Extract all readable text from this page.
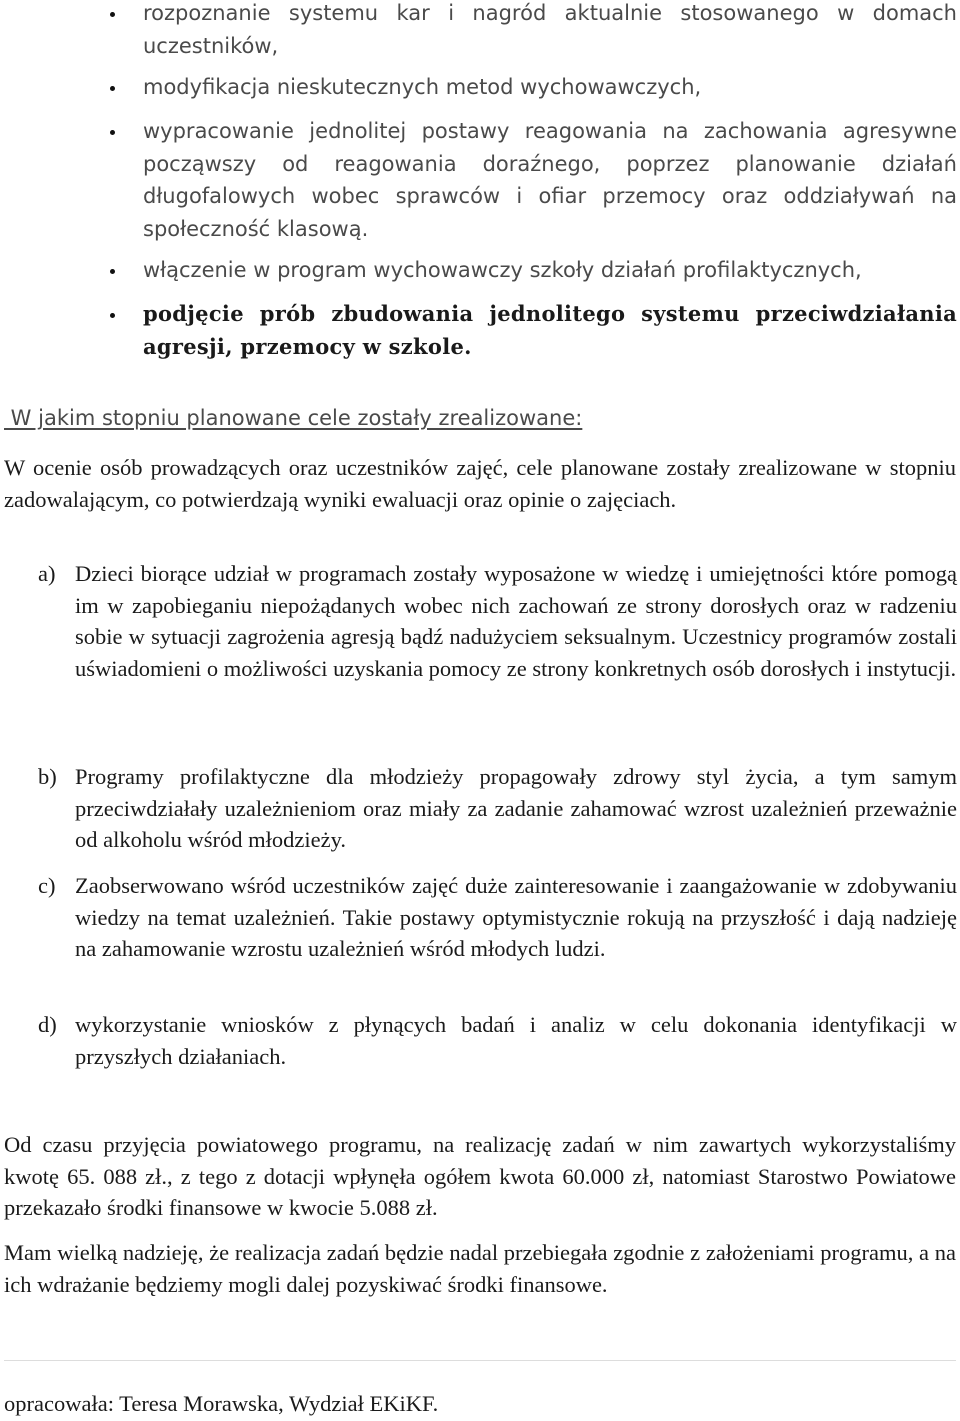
rozpoznanie systemu kar i nagród aktualnie stosowanego w domach uczestników,

modyfikacja nieskutecznych metod wychowawczych,

wypracowanie jednolitej postawy reagowania na zachowania agresywne począwszy od reagowania doraźnego, poprzez planowanie działań długofalowych wobec sprawców i ofiar przemocy oraz oddziaływań na społeczność klasową.

włączenie w program wychowawczy szkoły działań profilaktycznych,

podjęcie prób zbudowania jednolitego systemu przeciwdziałania agresji, przemocy w szkole.

W jakim stopniu planowane cele zostały zrealizowane:

W ocenie osób prowadzących oraz uczestników zajęć, cele planowane zostały zrealizowane w stopniu zadowalającym, co potwierdzają wyniki ewaluacji oraz opinie o zajęciach.

a) Dzieci biorące udział w programach zostały wyposażone w wiedzę i umiejętności które pomogą im w zapobieganiu niepożądanych wobec nich zachowań ze strony dorosłych oraz w radzeniu sobie w sytuacji zagrożenia agresją bądź nadużyciem seksualnym. Uczestnicy programów zostali uświadomieni o możliwości uzyskania pomocy ze strony konkretnych osób dorosłych i instytucji.

b) Programy profilaktyczne dla młodzieży propagowały zdrowy styl życia, a tym samym przeciwdziałały uzależnieniom oraz miały za zadanie zahamować wzrost uzależnień przeważnie od alkoholu wśród młodzieży.

c) Zaobserwowano wśród uczestników zajęć duże zainteresowanie i zaangażowanie w zdobywaniu wiedzy na temat uzależnień. Takie postawy optymistycznie rokują na przyszłość i dają nadzieję na zahamowanie wzrostu uzależnień wśród młodych ludzi.

d) wykorzystanie wniosków z płynących badań i analiz w celu dokonania identyfikacji w przyszłych działaniach.

Od czasu przyjęcia powiatowego programu, na realizację zadań w nim zawartych wykorzystaliśmy kwotę 65. 088 zł., z tego z dotacji wpłynęła ogółem kwota 60.000 zł, natomiast Starostwo Powiatowe przekazało środki finansowe w kwocie 5.088 zł.

Mam wielką nadzieję, że realizacja zadań będzie nadal przebiegała zgodnie z założeniami programu, a na ich wdrażanie będziemy mogli dalej pozyskiwać środki finansowe.

opracowała: Teresa Morawska, Wydział EKiKF.
